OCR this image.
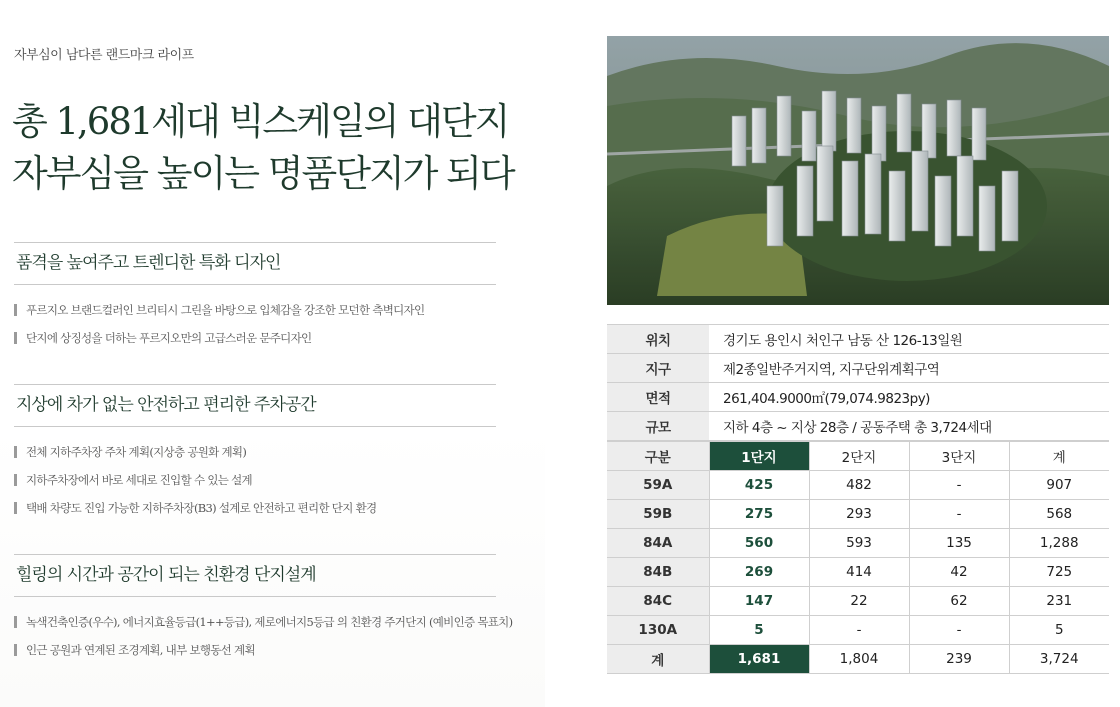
자부심이 남다른 랜드마크 라이프
총 1,681세대 빅스케일의 대단지
자부심을 높이는 명품단지가 되다
품격을 높여주고 트렌디한 특화 디자인
푸르지오 브랜드컬러인 브리티시 그린을 바탕으로 입체감을 강조한 모던한 측벽디자인
단지에 상징성을 더하는 푸르지오만의 고급스러운 문주디자인
지상에 차가 없는 안전하고 편리한 주차공간
전체 지하주차장 주차 계획(지상층 공원화 계획)
지하주차장에서 바로 세대로 진입할 수 있는 설계
택배 차량도 진입 가능한 지하주차장(B3) 설계로 안전하고 편리한 단지 환경
힐링의 시간과 공간이 되는 친환경 단지설계
녹색건축인증(우수), 에너지효율등급(1++등급), 제로에너지5등급 의 친환경 주거단지 (예비인증 목표치)
인근 공원과 연계된 조경계획, 내부 보행동선 계획
위치	경기도 용인시 처인구 남동 산 126-13일원
지구	제2종일반주거지역, 지구단위계획구역
면적	261,404.9000㎡(79,074.9823py)
규모	지하 4층 ~ 지상 28층 / 공동주택 총 3,724세대
구분	1단지	2단지	3단지	계
59A	425	482	-	907
59B	275	293	-	568
84A	560	593	135	1,288
84B	269	414	42	725
84C	147	22	62	231
130A	5	-	-	5
계	1,681	1,804	239	3,724
